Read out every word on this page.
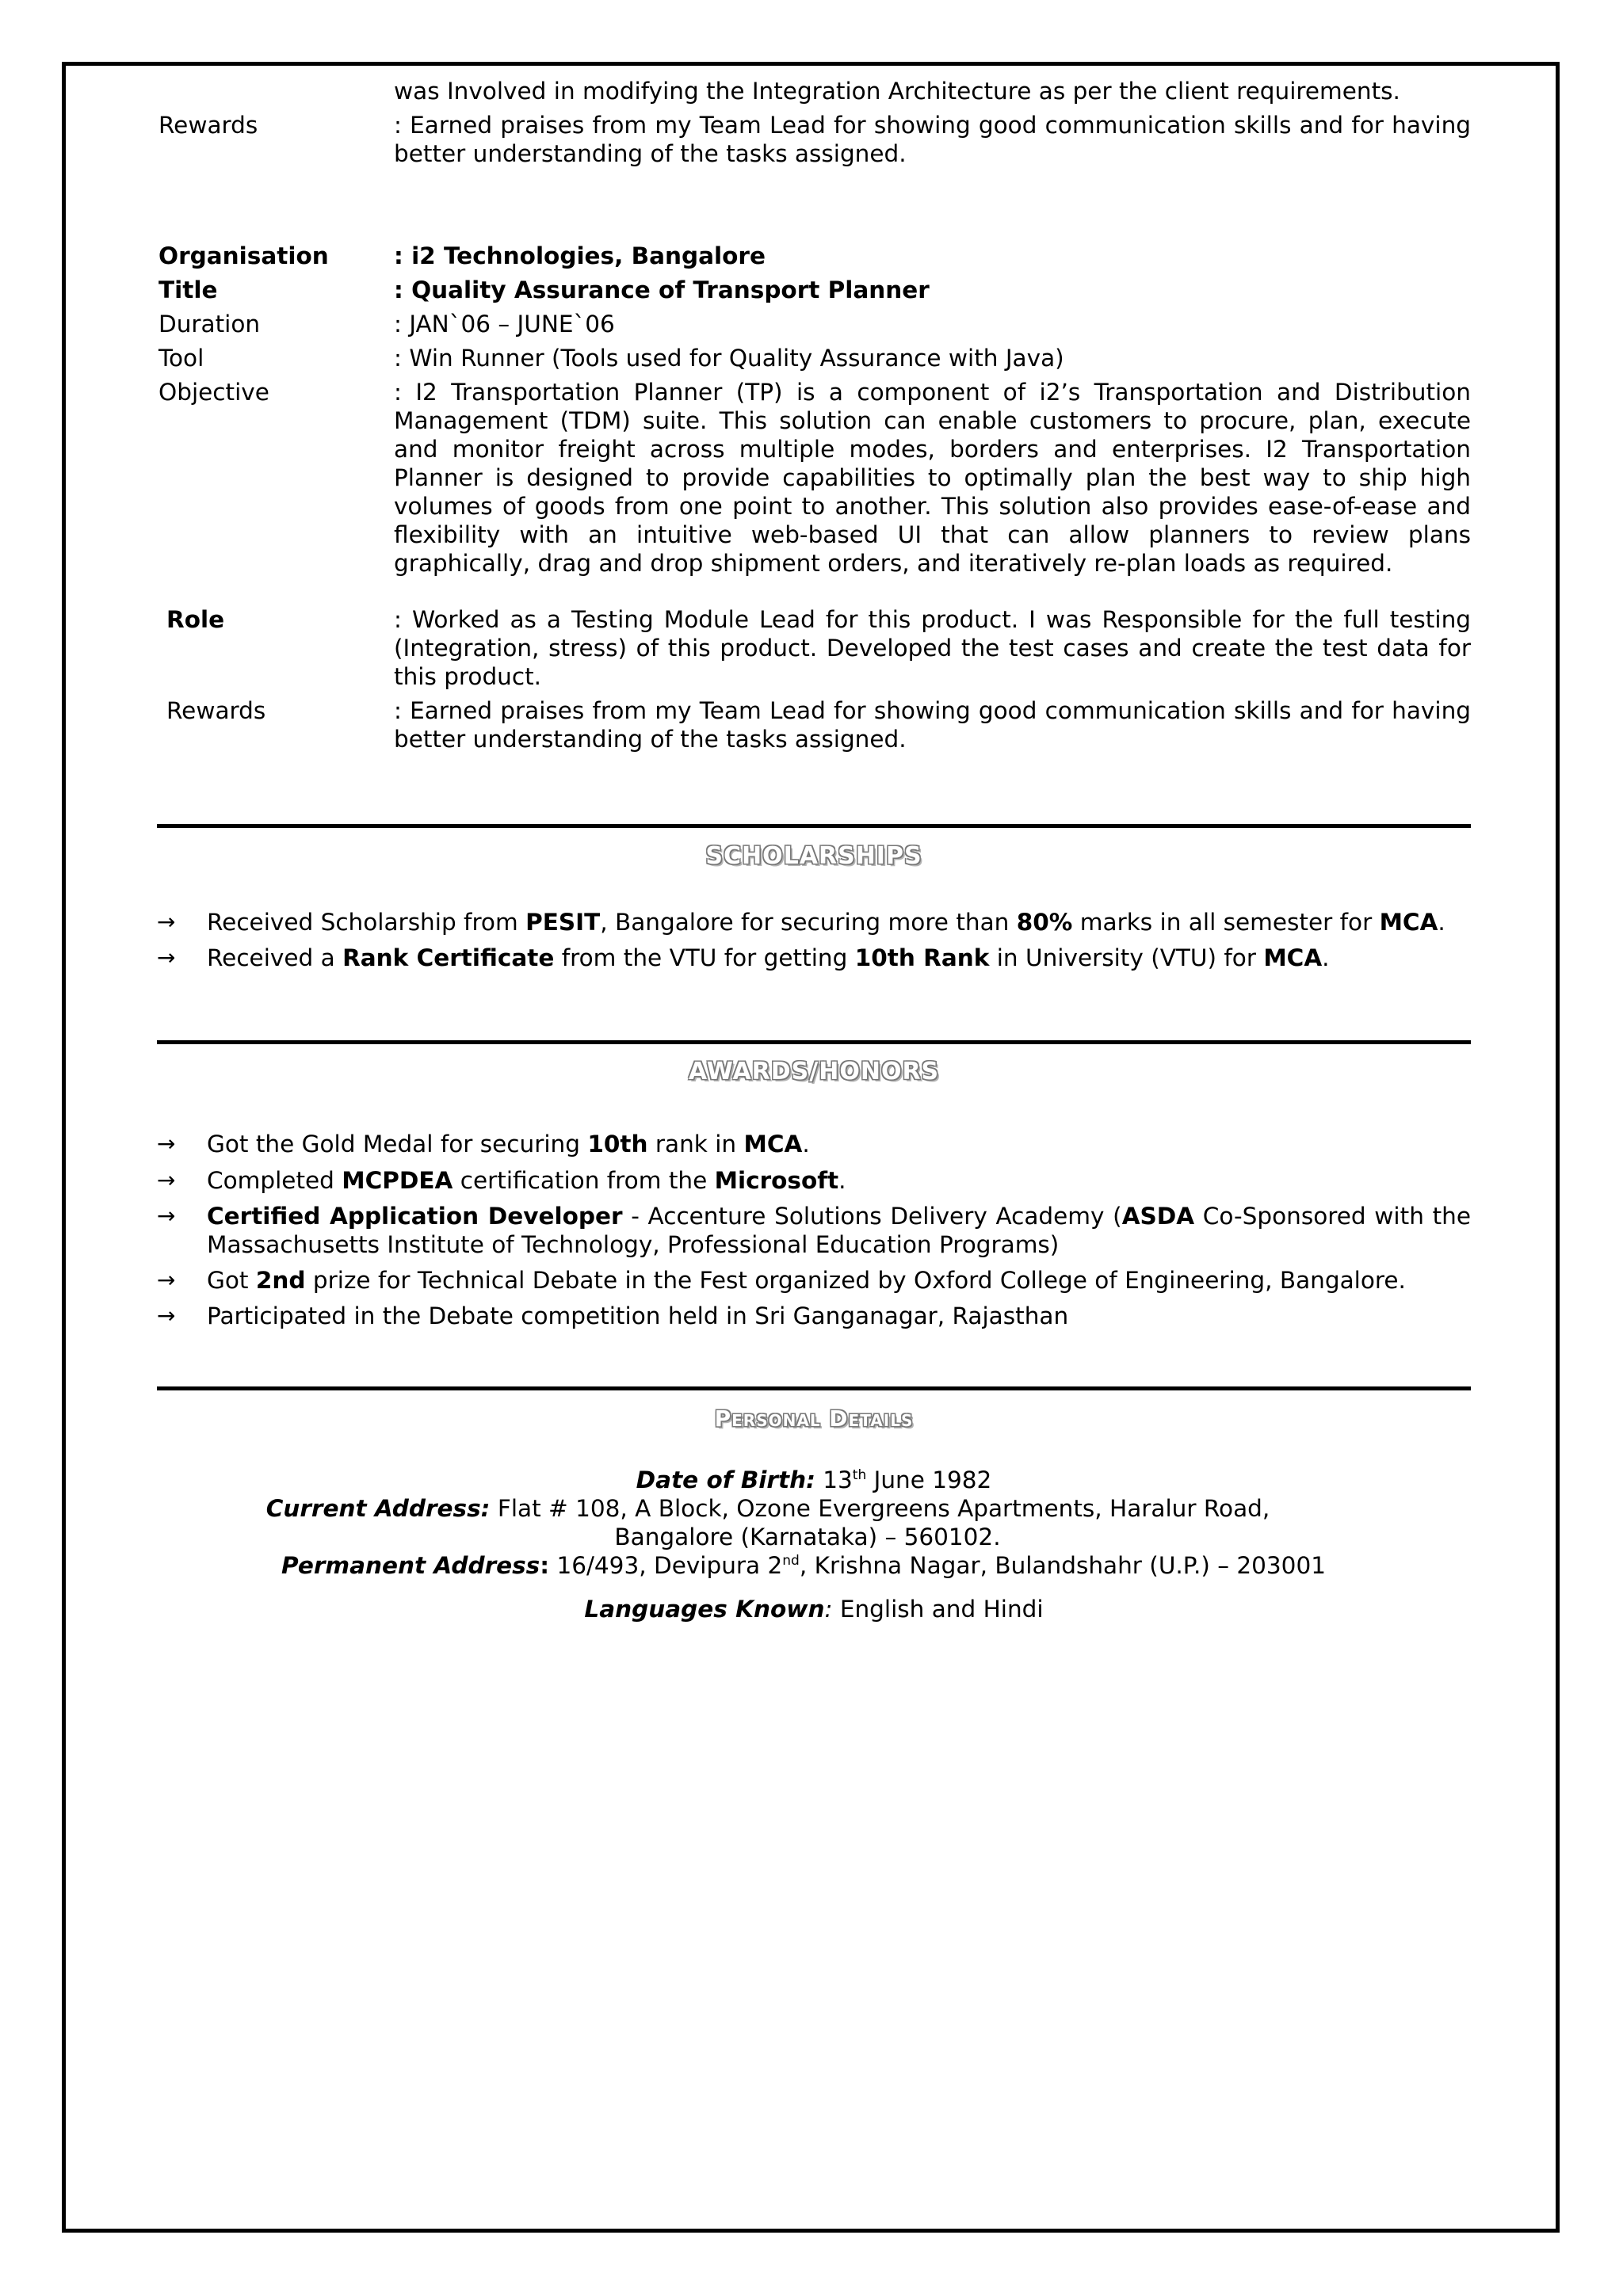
was Involved in modifying the Integration Architecture as per the client requirements.
Rewards	: Earned praises from my Team Lead for showing good communication skills and for having better understanding of the tasks assigned.
Organisation	: i2 Technologies, Bangalore
Title	: Quality Assurance of Transport Planner
Duration	: JAN`06 – JUNE`06
Tool	: Win Runner (Tools used for Quality Assurance with Java)
Objective	: I2 Transportation Planner (TP) is a component of i2’s Transportation and Distribution Management (TDM) suite. This solution can enable customers to procure, plan, execute and monitor freight across multiple modes, borders and enterprises. I2 Transportation Planner is designed to provide capabilities to optimally plan the best way to ship high volumes of goods from one point to another. This solution also provides ease-of-ease and flexibility with an intuitive web-based UI that can allow planners to review plans graphically, drag and drop shipment orders, and iteratively re-plan loads as required.
Role	: Worked as a Testing Module Lead for this product. I was Responsible for the full testing (Integration, stress) of this product. Developed the test cases and create the test data for this product.
Rewards	: Earned praises from my Team Lead for showing good communication skills and for having better understanding of the tasks assigned.
SCHOLARSHIPS
→ Received Scholarship from PESIT, Bangalore for securing more than 80% marks in all semester for MCA.
→ Received a Rank Certificate from the VTU for getting 10th Rank in University (VTU) for MCA.
AWARDS/HONORS
→ Got the Gold Medal for securing 10th rank in MCA.
→ Completed MCPDEA certification from the Microsoft.
→ Certified Application Developer - Accenture Solutions Delivery Academy (ASDA Co-Sponsored with the Massachusetts Institute of Technology, Professional Education Programs)
→ Got 2nd prize for Technical Debate in the Fest organized by Oxford College of Engineering, Bangalore.
→ Participated in the Debate competition held in Sri Ganganagar, Rajasthan
Personal Details
Date of Birth: 13th June 1982
Current Address: Flat # 108, A Block, Ozone Evergreens Apartments, Haralur Road,
Bangalore (Karnataka) – 560102.
Permanent Address: 16/493, Devipura 2nd, Krishna Nagar, Bulandshahr (U.P.) – 203001
Languages Known: English and Hindi
